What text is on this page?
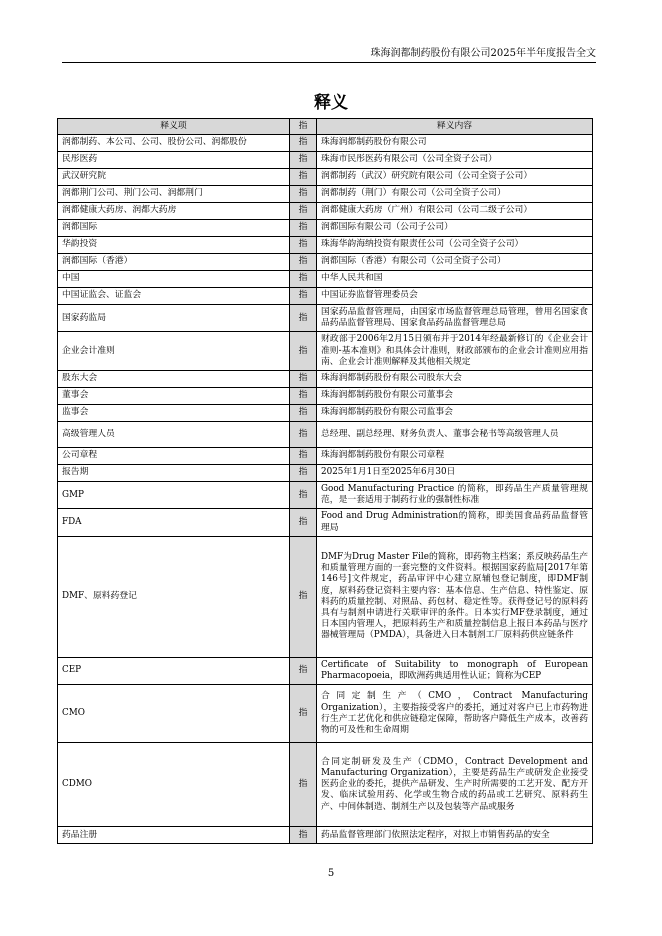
珠海润都制药股份有限公司2025年半年度报告全文
释义
释义项	指	释义内容
润都制药、本公司、公司、股份公司、润都股份	指	珠海润都制药股份有限公司
民彤医药	指	珠海市民彤医药有限公司（公司全资子公司）
武汉研究院	指	润都制药（武汉）研究院有限公司（公司全资子公司）
润都荆门公司、荆门公司、润都荆门	指	润都制药（荆门）有限公司（公司全资子公司）
润都健康大药房、润都大药房	指	润都健康大药房（广州）有限公司（公司二级子公司）
润都国际	指	润都国际有限公司（公司子公司）
华韵投资	指	珠海华韵海纳投资有限责任公司（公司全资子公司）
润都国际（香港）	指	润都国际（香港）有限公司（公司全资子公司）
中国	指	中华人民共和国
中国证监会、证监会	指	中国证券监督管理委员会
国家药监局	指	国家药品监督管理局，由国家市场监督管理总局管理，曾用名国家食品药品监督管理局、国家食品药品监督管理总局
企业会计准则	指	财政部于2006年2月15日颁布并于2014年经最新修订的《企业会计准则-基本准则》和具体会计准则，财政部颁布的企业会计准则应用指南、企业会计准则解释及其他相关规定
股东大会	指	珠海润都制药股份有限公司股东大会
董事会	指	珠海润都制药股份有限公司董事会
监事会	指	珠海润都制药股份有限公司监事会
高级管理人员	指	总经理、副总经理、财务负责人、董事会秘书等高级管理人员
公司章程	指	珠海润都制药股份有限公司章程
报告期	指	2025年1月1日至2025年6月30日
GMP	指	Good Manufacturing Practice 的简称，即药品生产质量管理规范，是一套适用于制药行业的强制性标准
FDA	指	Food and Drug Administration的简称，即美国食品药品监督管理局
DMF、原料药登记	指	DMF为Drug Master File的简称，即药物主档案；系反映药品生产和质量管理方面的一套完整的文件资料。根据国家药监局[2017年第146号]文件规定，药品审评中心建立原辅包登记制度，即DMF制度，原料药登记资料主要内容：基本信息、生产信息、特性鉴定、原料药的质量控制、对照品、药包材、稳定性等。获得登记号的原料药具有与制剂申请进行关联审评的条件。日本实行MF登录制度，通过日本国内管理人，把原料药生产和质量控制信息上报日本药品与医疗器械管理局（PMDA），具备进入日本制剂工厂原料药供应链条件
CEP	指	Certificate of Suitability to monograph of European Pharmacopoeia，即欧洲药典适用性认证；简称为CEP
CMO	指	合同定制生产（CMO，Contract Manufacturing Organization），主要指接受客户的委托，通过对客户已上市药物进行生产工艺优化和供应链稳定保障，帮助客户降低生产成本，改善药物的可及性和生命周期
CDMO	指	合同定制研发及生产（CDMO，Contract Development and Manufacturing Organization），主要是药品生产或研发企业接受医药企业的委托，提供产品研发、生产时所需要的工艺开发、配方开发、临床试验用药、化学或生物合成的药品或工艺研究、原料药生产、中间体制造、制剂生产以及包装等产品或服务
药品注册	指	药品监督管理部门依照法定程序，对拟上市销售药品的安全
5
